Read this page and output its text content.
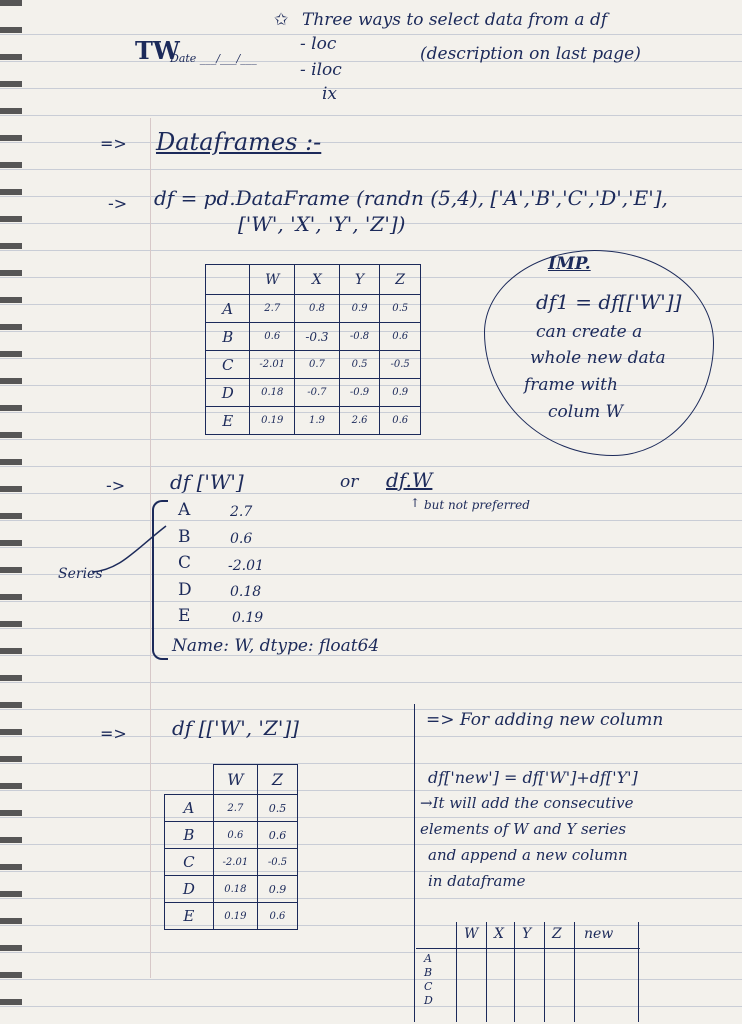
TW
Date ___/___/___
✩ Three ways to select data from a df
- loc	(description on last page)
- iloc
ix
=> Dataframes :-
-> df = pd.DataFrame (randn (5,4), ['A','B','C','D','E'],
['W', 'X', 'Y', 'Z'])
	W	X	Y	Z
A	2.7	0.8	0.9	0.5
B	0.6	-0.3	-0.8	0.6
C	-2.01	0.7	0.5	-0.5
D	0.18	-0.7	-0.9	0.9
E	0.19	1.9	2.6	0.6
IMP.
df1 = df[['W']]
can create a
whole new data
frame with
colum W
-> df ['W']	or df.W
↑ but not preferred
Series
A	2.7
B	0.6
C	-2.01
D	0.18
E	0.19
Name: W, dtype: float64
=> df [['W', 'Z']]
	W	Z
A	2.7	0.5
B	0.6	0.6
C	-2.01	-0.5
D	0.18	0.9
E	0.19	0.6
=> For adding new column
df['new'] = df['W']+df['Y']
→It will add the consecutive
elements of W and Y series
and append a new column
in dataframe
W X Y Z new
A
B
C
D
